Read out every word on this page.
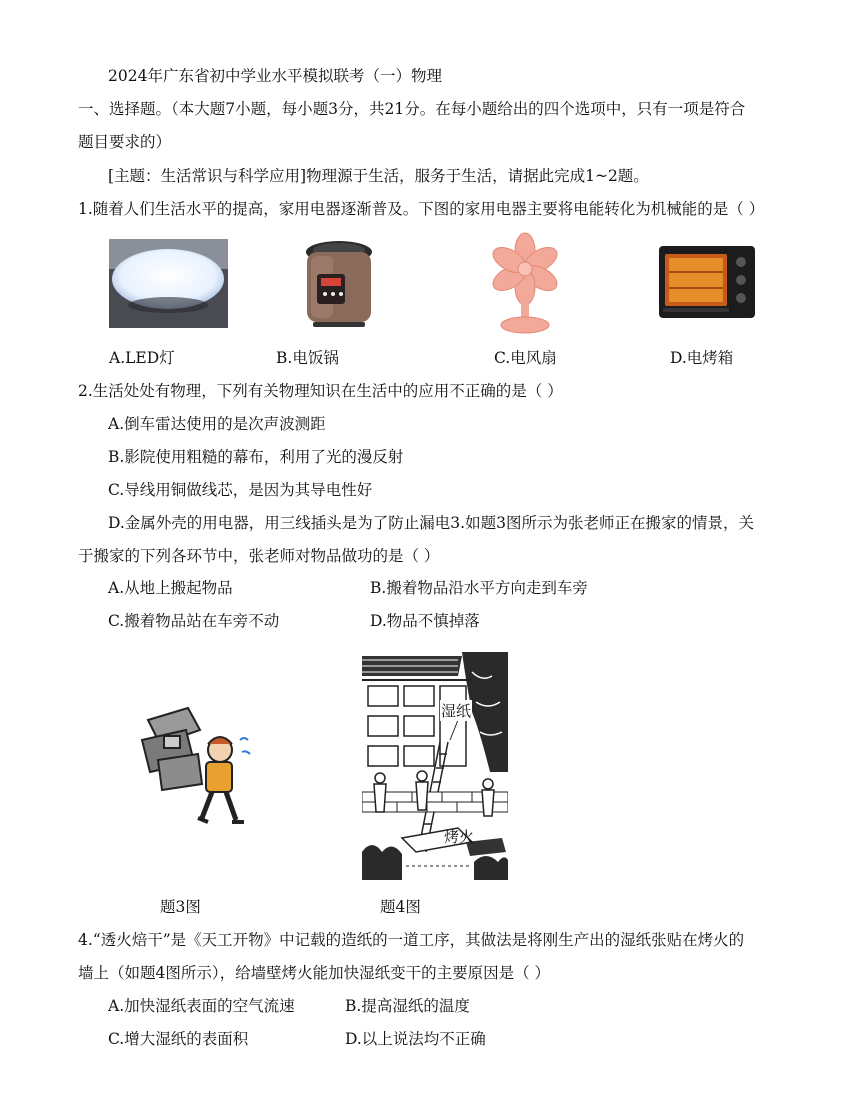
2024年广东省初中学业水平模拟联考（一）物理
一、选择题。（本大题7小题，每小题3分，共21分。在每小题给出的四个选项中，只有一项是符合
题目要求的）
[主题：生活常识与科学应用]物理源于生活，服务于生活，请据此完成1~2题。
1.随着人们生活水平的提高，家用电器逐渐普及。下图的家用电器主要将电能转化为机械能的是（ ）
A.LED灯	B.电饭锅	C.电风扇	D.电烤箱
2.生活处处有物理，下列有关物理知识在生活中的应用不正确的是（ ）
A.倒车雷达使用的是次声波测距
B.影院使用粗糙的幕布，利用了光的漫反射
C.导线用铜做线芯，是因为其导电性好
D.金属外壳的用电器，用三线插头是为了防止漏电3.如题3图所示为张老师正在搬家的情景，关
于搬家的下列各环节中，张老师对物品做功的是（ ）
A.从地上搬起物品	B.搬着物品沿水平方向走到车旁
C.搬着物品站在车旁不动	D.物品不慎掉落
湿纸
烤火
题3图	题4图
4.“透火焙干”是《天工开物》中记载的造纸的一道工序，其做法是将刚生产出的湿纸张贴在烤火的
墙上（如题4图所示），给墙壁烤火能加快湿纸变干的主要原因是（ ）
A.加快湿纸表面的空气流速	B.提高湿纸的温度
C.增大湿纸的表面积	D.以上说法均不正确
